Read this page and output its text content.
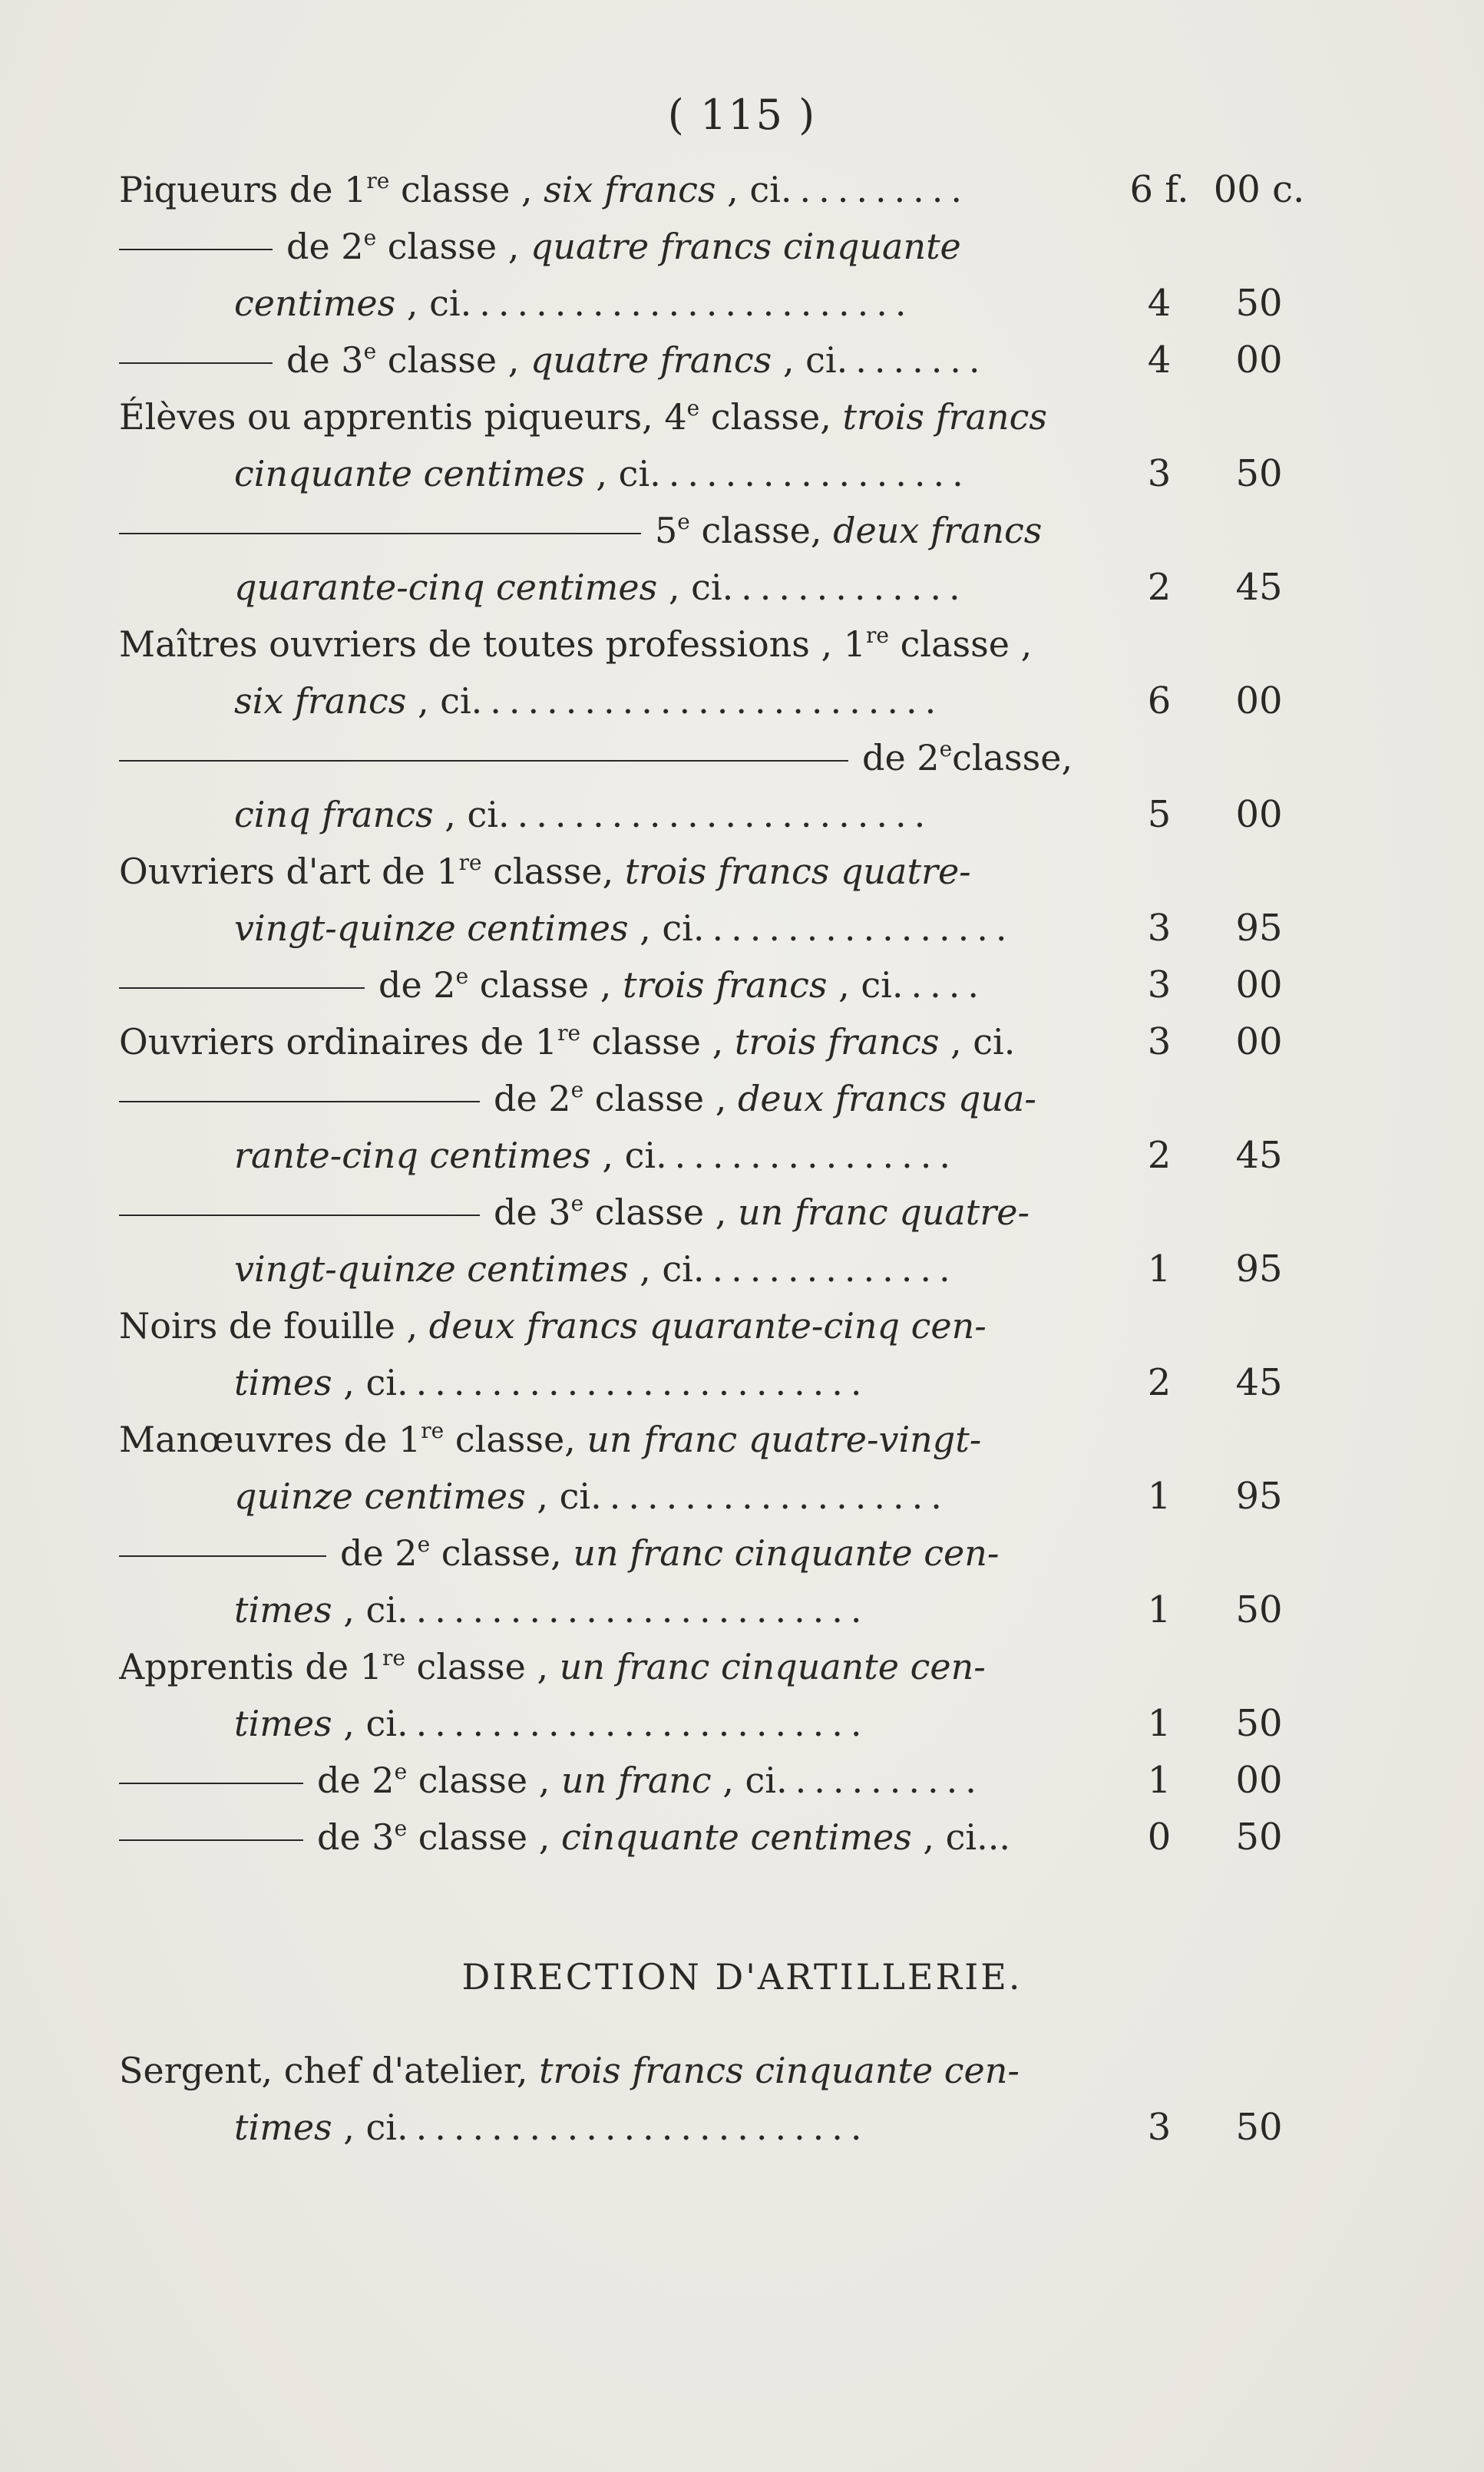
( 115 )
Piqueurs de 1re classe , six francs , ci..........	6 f. 00 c.
de 2e classe , quatre francs cinquante
centimes , ci........................	4	50
de 3e classe , quatre francs , ci........	4	00
Élèves ou apprentis piqueurs, 4e classe, trois francs
cinquante centimes , ci.................	3	50
5e classe, deux francs
quarante-cinq centimes , ci.............	2	45
Maîtres ouvriers de toutes professions , 1re classe ,
six francs , ci.........................	6	00
de 2eclasse,
cinq francs , ci.......................	5	00
Ouvriers d'art de 1re classe, trois francs quatre-
vingt-quinze centimes , ci.................	3	95
de 2e classe , trois francs , ci.....	3	00
Ouvriers ordinaires de 1re classe , trois francs , ci.	3	00
de 2e classe , deux francs qua-
rante-cinq centimes , ci................	2	45
de 3e classe , un franc quatre-
vingt-quinze centimes , ci..............	1	95
Noirs de fouille , deux francs quarante-cinq cen-
times , ci.........................	2	45
Manœuvres de 1re classe, un franc quatre-vingt-
quinze centimes , ci...................	1	95
de 2e classe, un franc cinquante cen-
times , ci.........................	1	50
Apprentis de 1re classe , un franc cinquante cen-
times , ci.........................	1	50
de 2e classe , un franc , ci...........	1	00
de 3e classe , cinquante centimes , ci...	0	50
DIRECTION D'ARTILLERIE.
Sergent, chef d'atelier, trois francs cinquante cen-
times , ci.........................	3	50
